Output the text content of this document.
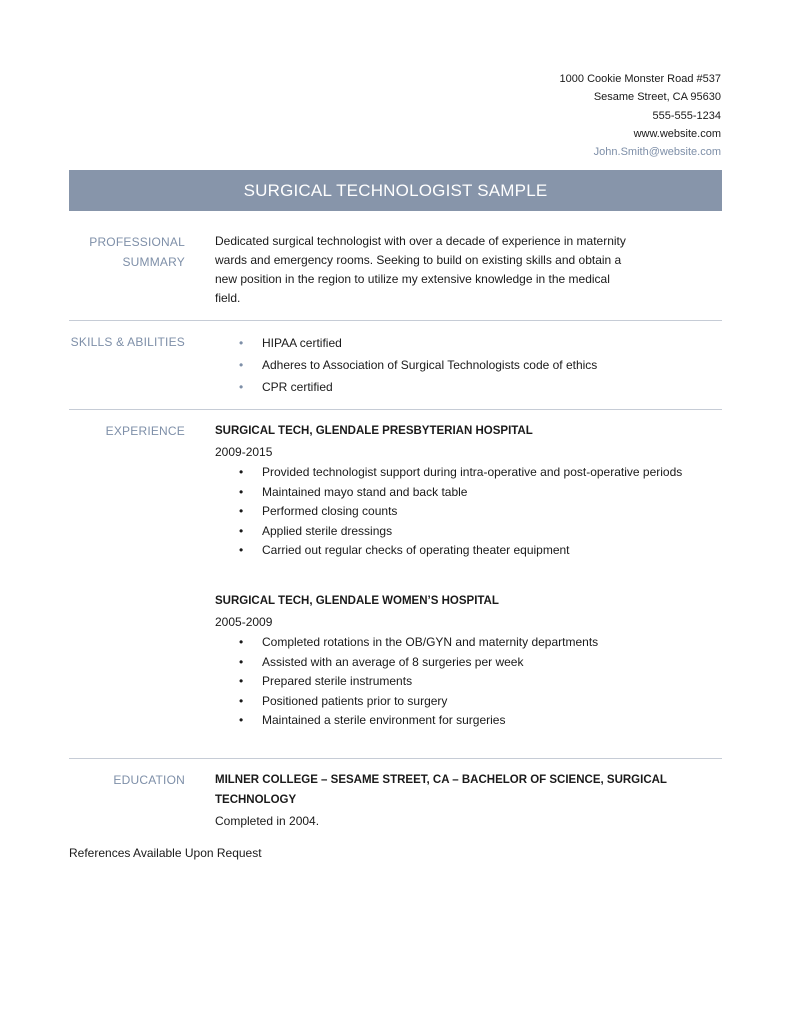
1000 Cookie Monster Road #537
Sesame Street, CA 95630
555-555-1234
www.website.com
John.Smith@website.com
SURGICAL TECHNOLOGIST SAMPLE
PROFESSIONAL
SUMMARY
Dedicated surgical technologist with over a decade of experience in maternity
wards and emergency rooms. Seeking to build on existing skills and obtain a
new position in the region to utilize my extensive knowledge in the medical
field.
SKILLS & ABILITIES
•	HIPAA certified
• Adheres to Association of Surgical Technologists code of ethics
• CPR certified
EXPERIENCE	SURGICAL TECH, GLENDALE PRESBYTERIAN HOSPITAL
2009-2015
• Provided technologist support during intra-operative and post-operative periods
• Maintained mayo stand and back table
• Performed closing counts
• Applied sterile dressings
• Carried out regular checks of operating theater equipment
SURGICAL TECH, GLENDALE WOMEN’S HOSPITAL
2005-2009
• Completed rotations in the OB/GYN and maternity departments
• Assisted with an average of 8 surgeries per week
• Prepared sterile instruments
• Positioned patients prior to surgery
• Maintained a sterile environment for surgeries
EDUCATION	MILNER COLLEGE – SESAME STREET, CA – BACHELOR OF SCIENCE, SURGICAL TECHNOLOGY
Completed in 2004.
References Available Upon Request
